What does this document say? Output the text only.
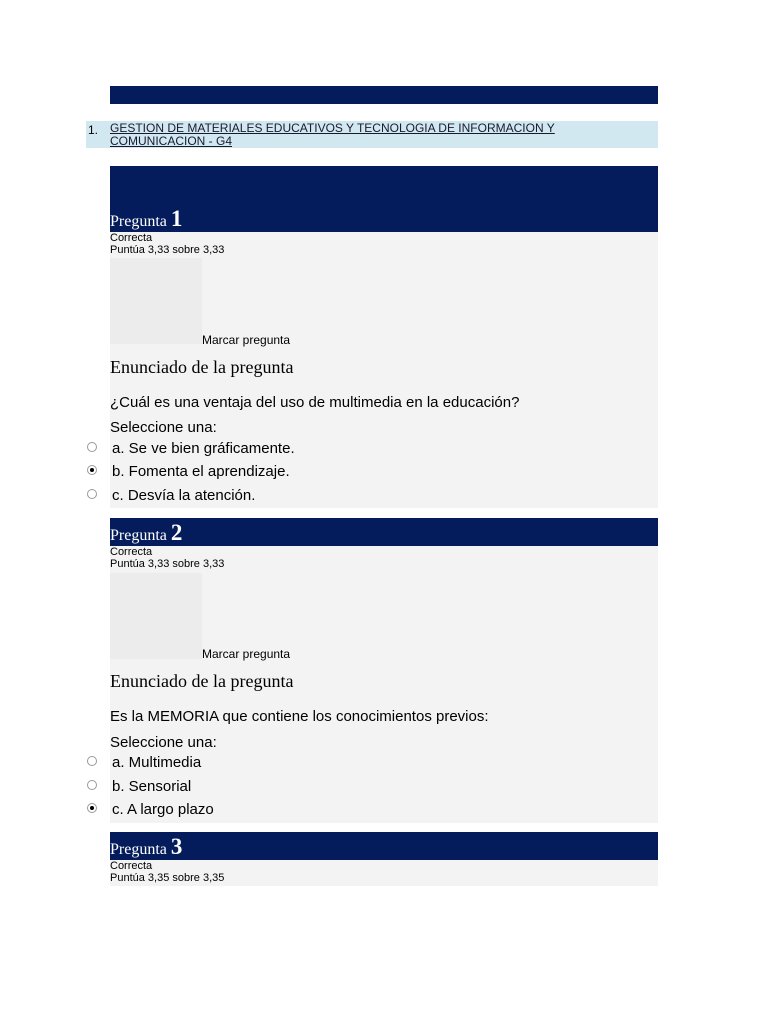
1. GESTION DE MATERIALES EDUCATIVOS Y TECNOLOGIA DE INFORMACION Y COMUNICACION - G4
Pregunta 1
Correcta
Puntúa 3,33 sobre 3,33
Marcar pregunta
Enunciado de la pregunta
¿Cuál es una ventaja del uso de multimedia en la educación?
Seleccione una:
a. Se ve bien gráficamente.
b. Fomenta el aprendizaje.
c. Desvía la atención.
Pregunta 2
Correcta
Puntúa 3,33 sobre 3,33
Marcar pregunta
Enunciado de la pregunta
Es la MEMORIA que contiene los conocimientos previos:
Seleccione una:
a. Multimedia
b. Sensorial
c. A largo plazo
Pregunta 3
Correcta
Puntúa 3,35 sobre 3,35
